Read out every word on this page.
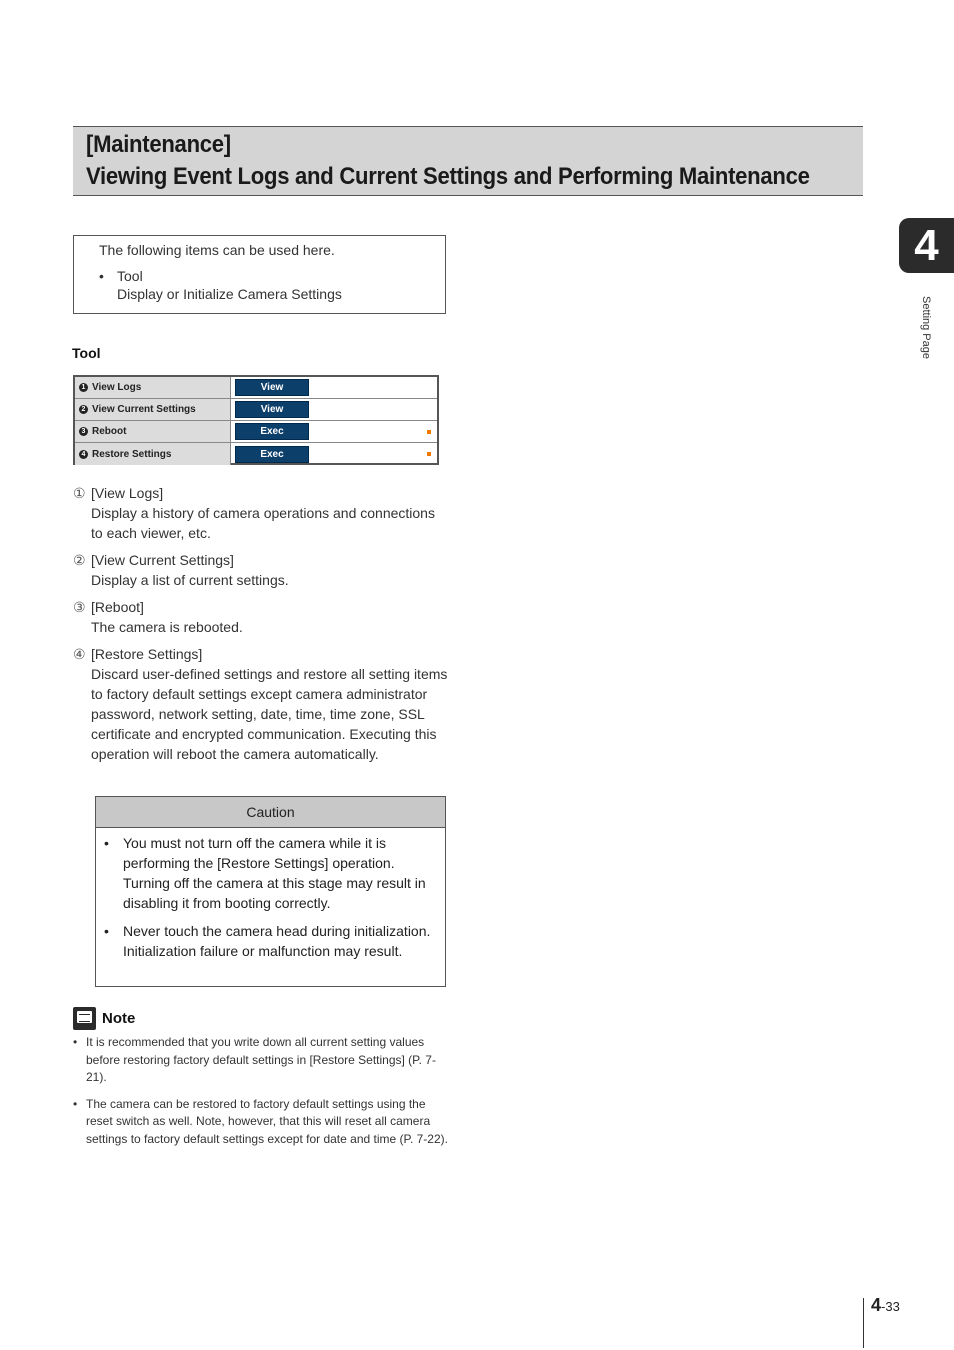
[Maintenance]
Viewing Event Logs and Current Settings and Performing Maintenance
4
Setting Page
The following items can be used here.
• Tool
Display or Initialize Camera Settings
Tool
1 View Logs	View
2 View Current Settings	View
3 Reboot	Exec
4 Restore Settings	Exec
① [View Logs]
Display a history of camera operations and connections to each viewer, etc.
② [View Current Settings]
Display a list of current settings.
③ [Reboot]
The camera is rebooted.
④ [Restore Settings]
Discard user-defined settings and restore all setting items to factory default settings except camera administrator password, network setting, date, time, time zone, SSL certificate and encrypted communication. Executing this operation will reboot the camera automatically.
Caution
•	You must not turn off the camera while it is performing the [Restore Settings] operation. Turning off the camera at this stage may result in disabling it from booting correctly.
•	Never touch the camera head during initialization. Initialization failure or malfunction may result.
Note
• It is recommended that you write down all current setting values before restoring factory default settings in [Restore Settings] (P. 7-21).
• The camera can be restored to factory default settings using the reset switch as well. Note, however, that this will reset all camera settings to factory default settings except for date and time (P. 7-22).
4-33
